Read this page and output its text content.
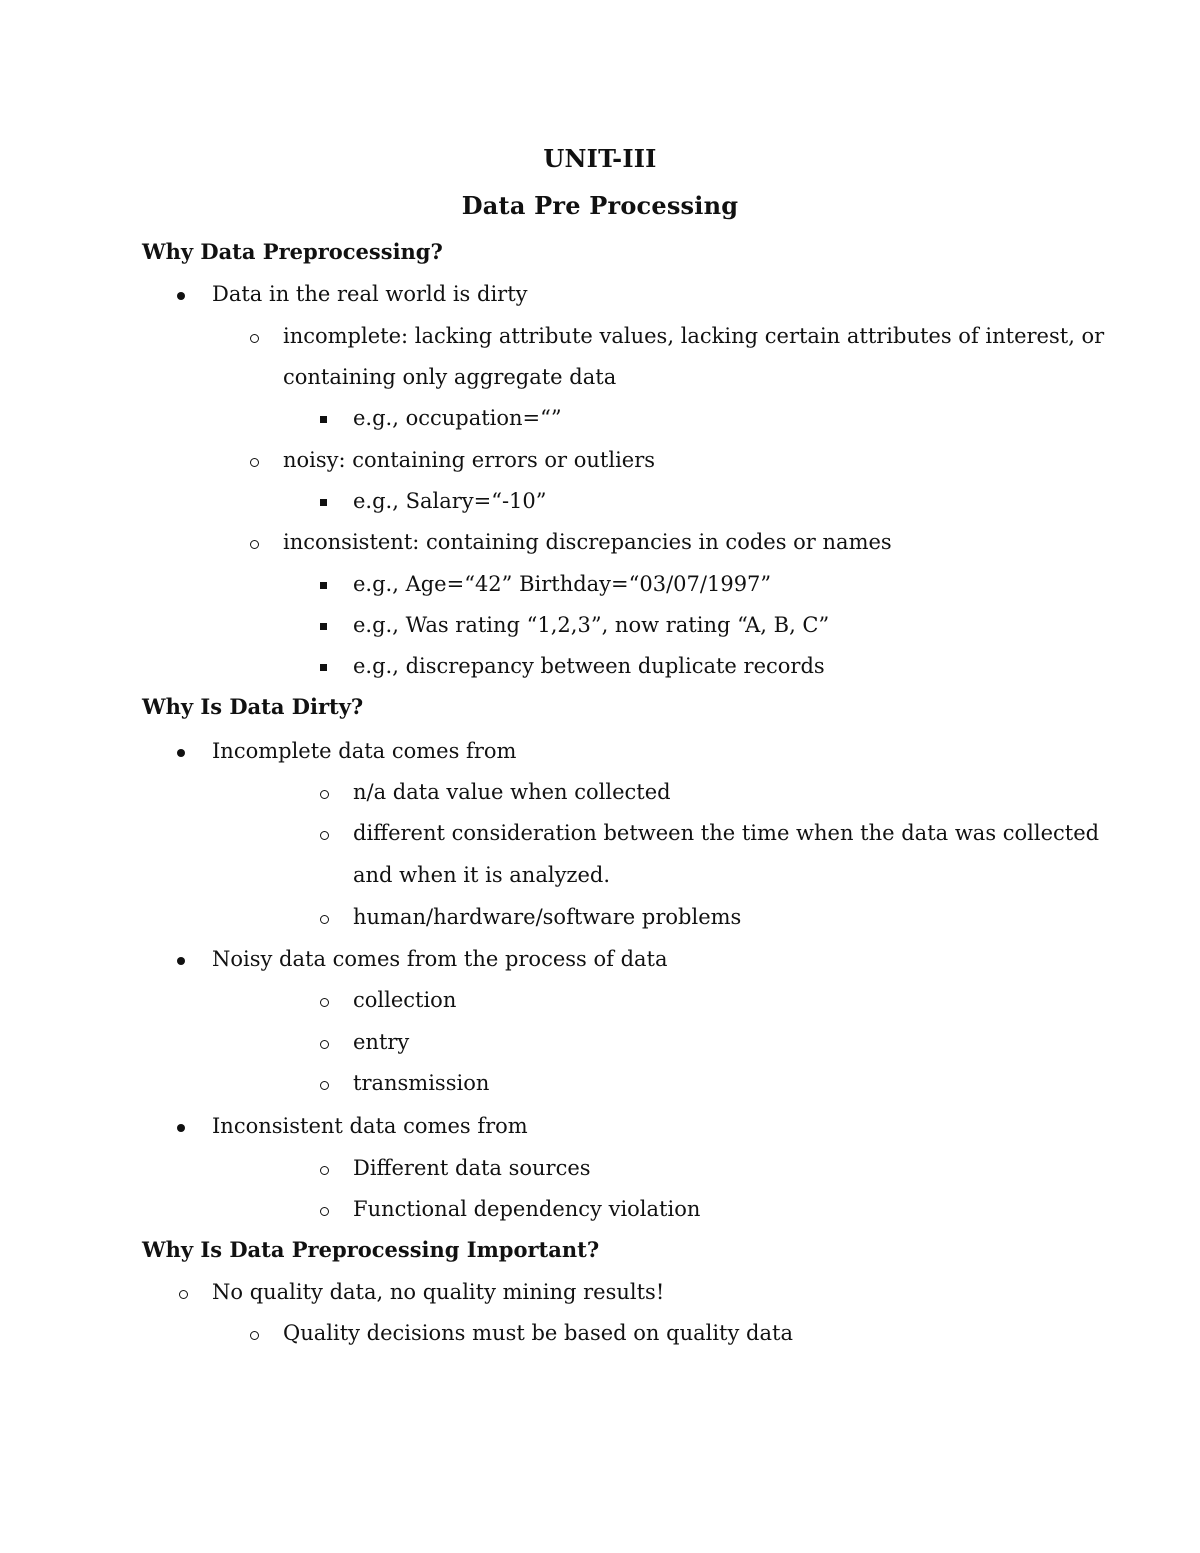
UNIT-III
Data Pre Processing
Why Data Preprocessing?
Data in the real world is dirty
incomplete: lacking attribute values, lacking certain attributes of interest, or
containing only aggregate data
e.g., occupation=“”
noisy: containing errors or outliers
e.g., Salary=“-10”
inconsistent: containing discrepancies in codes or names
e.g., Age=“42” Birthday=“03/07/1997”
e.g., Was rating “1,2,3”, now rating “A, B, C”
e.g., discrepancy between duplicate records
Why Is Data Dirty?
Incomplete data comes from
n/a data value when collected
different consideration between the time when the data was collected
and when it is analyzed.
human/hardware/software problems
Noisy data comes from the process of data
collection
entry
transmission
Inconsistent data comes from
Different data sources
Functional dependency violation
Why Is Data Preprocessing Important?
No quality data, no quality mining results!
Quality decisions must be based on quality data
